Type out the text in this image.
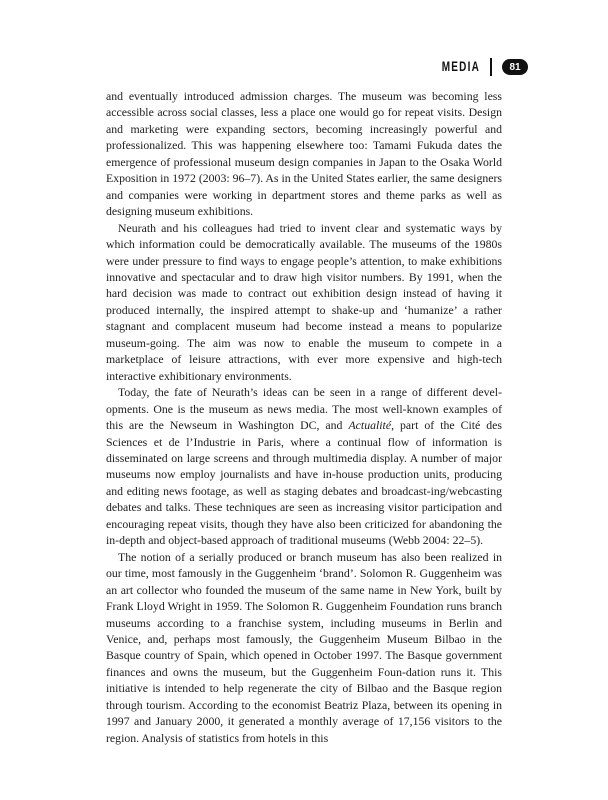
MEDIA	81

and eventually introduced admission charges. The museum was becoming less accessible across social classes, less a place one would go for repeat visits. Design and marketing were expanding sectors, becoming increasingly powerful and professionalized. This was happening elsewhere too: Tamami Fukuda dates the emergence of professional museum design companies in Japan to the Osaka World Exposition in 1972 (2003: 96–7). As in the United States earlier, the same designers and companies were working in department stores and theme parks as well as designing museum exhibitions.

Neurath and his colleagues had tried to invent clear and systematic ways by which information could be democratically available. The museums of the 1980s were under pressure to find ways to engage people’s attention, to make exhibitions innovative and spectacular and to draw high visitor numbers. By 1991, when the hard decision was made to contract out exhibition design instead of having it produced internally, the inspired attempt to shake-up and ‘humanize’ a rather stagnant and complacent museum had become instead a means to popularize museum-going. The aim was now to enable the museum to compete in a marketplace of leisure attractions, with ever more expensive and high-tech interactive exhibitionary environments.

Today, the fate of Neurath’s ideas can be seen in a range of different devel-opments. One is the museum as news media. The most well-known examples of this are the Newseum in Washington DC, and Actualité, part of the Cité des Sciences et de l’Industrie in Paris, where a continual flow of information is disseminated on large screens and through multimedia display. A number of major museums now employ journalists and have in-house production units, producing and editing news footage, as well as staging debates and broadcast-ing/webcasting debates and talks. These techniques are seen as increasing visitor participation and encouraging repeat visits, though they have also been criticized for abandoning the in-depth and object-based approach of traditional museums (Webb 2004: 22–5).

The notion of a serially produced or branch museum has also been realized in our time, most famously in the Guggenheim ‘brand’. Solomon R. Guggenheim was an art collector who founded the museum of the same name in New York, built by Frank Lloyd Wright in 1959. The Solomon R. Guggenheim Foundation runs branch museums according to a franchise system, including museums in Berlin and Venice, and, perhaps most famously, the Guggenheim Museum Bilbao in the Basque country of Spain, which opened in October 1997. The Basque government finances and owns the museum, but the Guggenheim Foun-dation runs it. This initiative is intended to help regenerate the city of Bilbao and the Basque region through tourism. According to the economist Beatriz Plaza, between its opening in 1997 and January 2000, it generated a monthly average of 17,156 visitors to the region. Analysis of statistics from hotels in this
